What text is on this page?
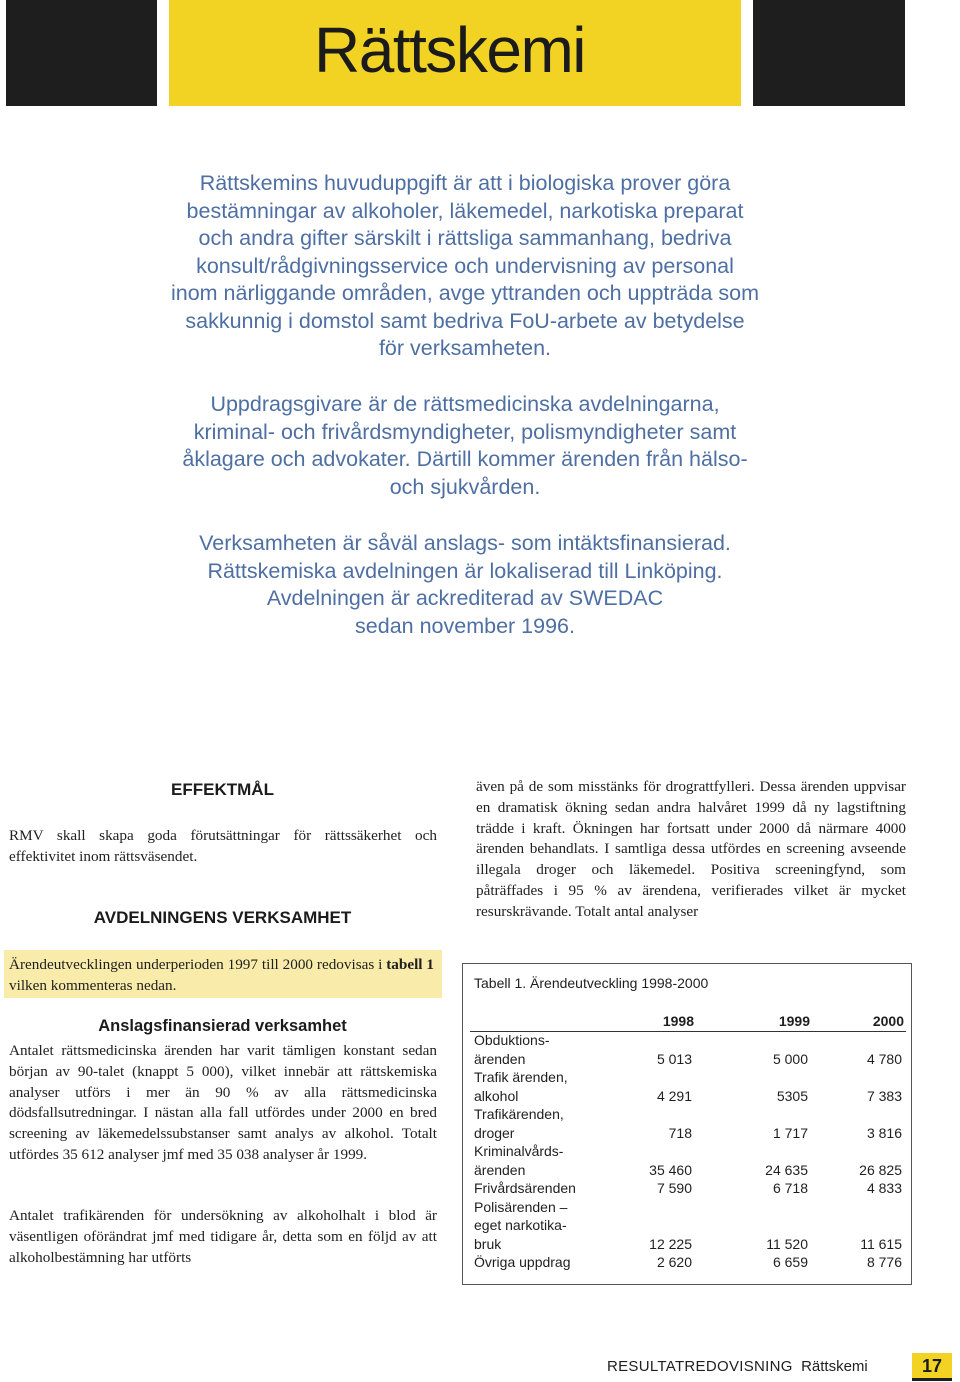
Rättskemi

Rättskemins huvuduppgift är att i biologiska prover göra bestämningar av alkoholer, läkemedel, narkotiska preparat och andra gifter särskilt i rättsliga sammanhang, bedriva konsult/rådgivningsservice och undervisning av personal inom närliggande områden, avge yttranden och uppträda som sakkunnig i domstol samt bedriva FoU-arbete av betydelse för verksamheten.

Uppdragsgivare är de rättsmedicinska avdelningarna, kriminal- och frivårdsmyndigheter, polismyndigheter samt åklagare och advokater. Därtill kommer ärenden från hälso- och sjukvården.

Verksamheten är såväl anslags- som intäktsfinansierad.
Rättskemiska avdelningen är lokaliserad till Linköping.
Avdelningen är ackrediterad av SWEDAC
sedan november 1996.
EFFEKTMÅL

RMV skall skapa goda förutsättningar för rättssäkerhet och effektivitet inom rättsväsendet.

AVDELNINGENS VERKSAMHET

Ärendeutvecklingen underperioden 1997 till 2000 redovisas i tabell 1 vilken kommenteras nedan.

Anslagsfinansierad verksamhet

Antalet rättsmedicinska ärenden har varit tämligen konstant sedan början av 90-talet (knappt 5 000), vilket innebär att rättskemiska analyser utförs i mer än 90 % av alla rättsmedicinska dödsfallsutredningar. I nästan alla fall utfördes under 2000 en bred screening av läkemedelssubstanser samt analys av alkohol. Totalt utfördes 35 612 analyser jmf med 35 038 analyser år 1999.

Antalet trafikärenden för undersökning av alkoholhalt i blod är väsentligen oförändrat jmf med tidigare år, detta som en följd av att alkoholbestämning har utförts

även på de som misstänks för drograttfylleri. Dessa ärenden uppvisar en dramatisk ökning sedan andra halvåret 1999 då ny lagstiftning trädde i kraft. Ökningen har fortsatt under 2000 då närmare 4000 ärenden behandlats. I samtliga dessa utfördes en screening avseende illegala droger och läkemedel. Positiva screeningfynd, som påträffades i 95 % av ärendena, verifierades vilket är mycket resurskrävande. Totalt antal analyser

Tabell 1. Ärendeutveckling 1998-2000

1998	1999	2000
Obduktions-
ärenden	5 013	5 000	4 780
Trafik ärenden,
alkohol	4 291	5305	7 383
Trafikärenden,
droger	718	1 717	3 816
Kriminalvårds-
ärenden	35 460	24 635	26 825
Frivårdsärenden	7 590	6 718	4 833
Polisärenden –
eget narkotika-
bruk	12 225	11 520	11 615
Övriga uppdrag	2 620	6 659	8 776
RESULTATREDOVISNING Rättskemi	17
